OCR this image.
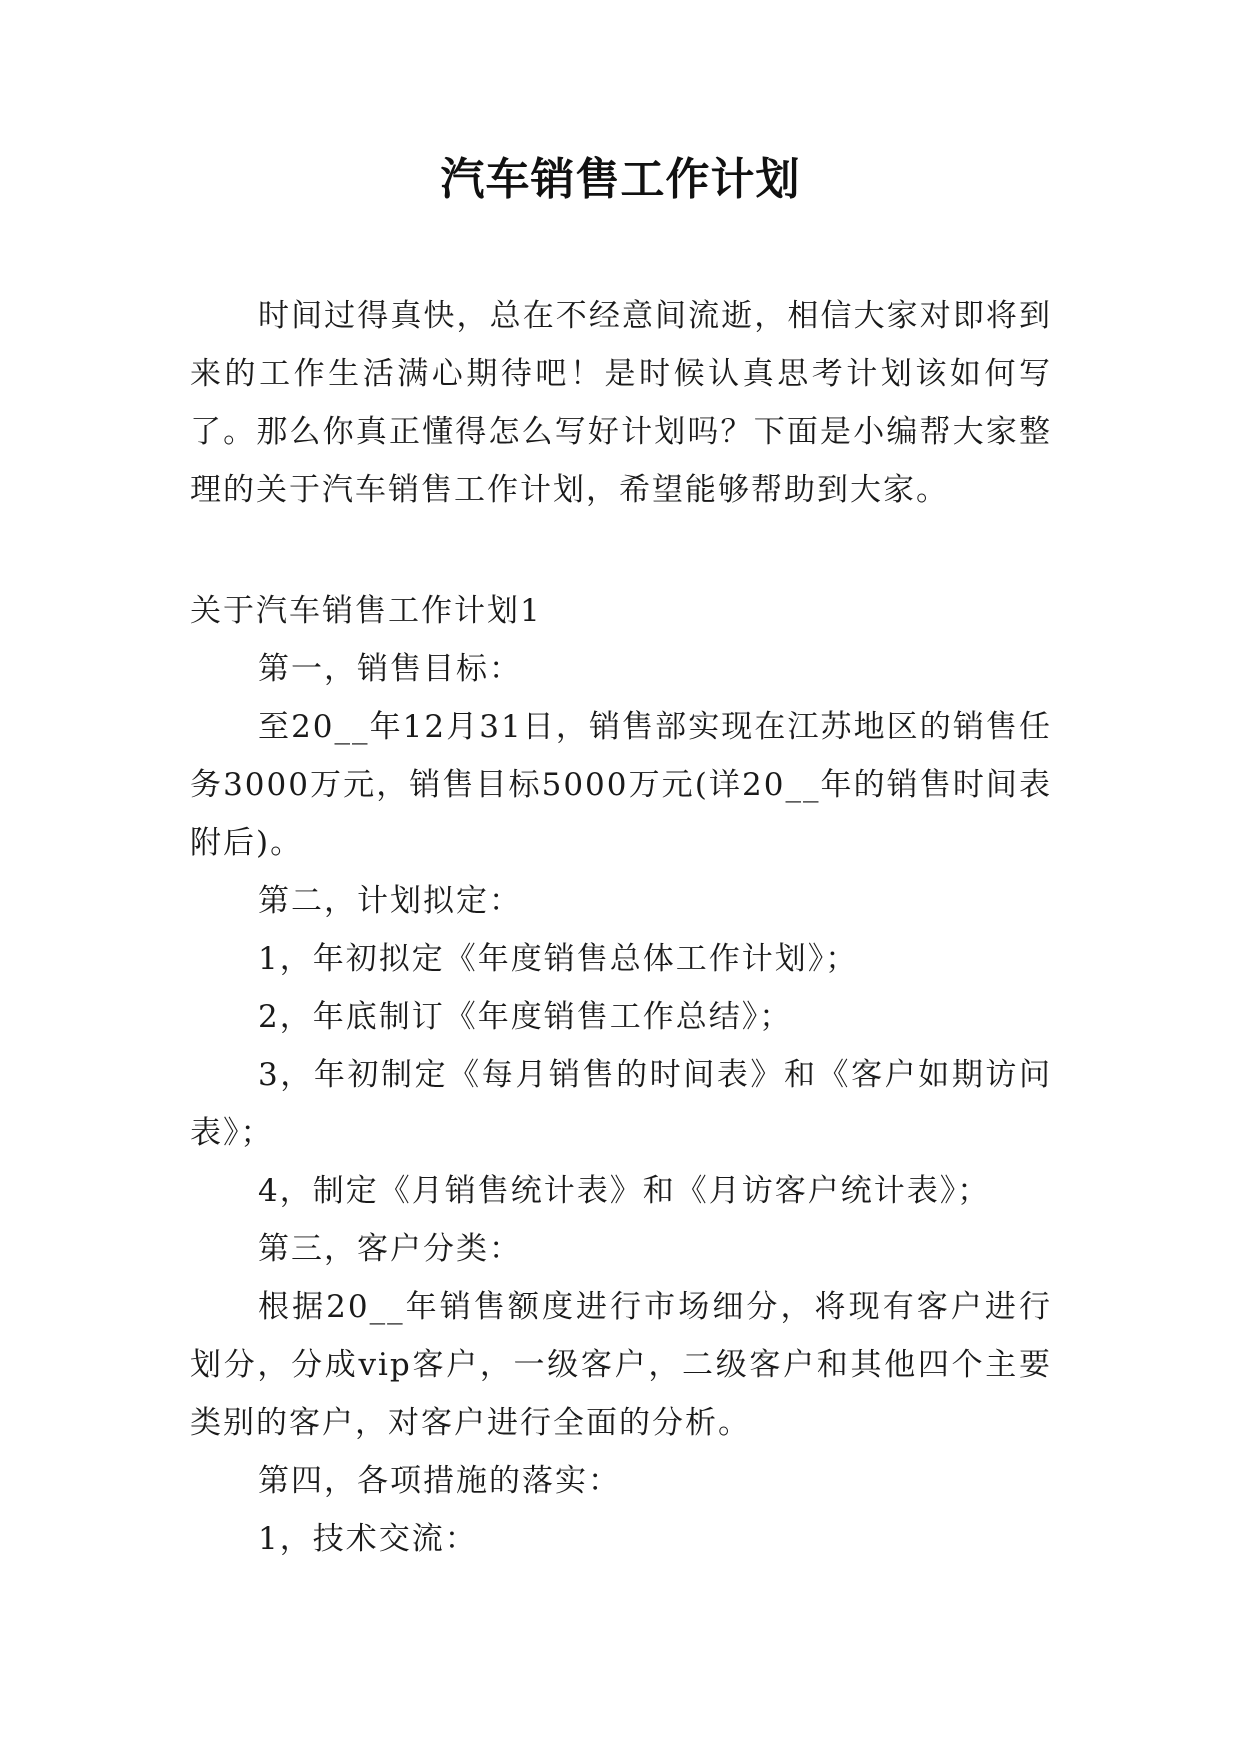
汽车销售工作计划

时间过得真快，总在不经意间流逝，相信大家对即将到来的工作生活满心期待吧！是时候认真思考计划该如何写了。那么你真正懂得怎么写好计划吗？下面是小编帮大家整理的关于汽车销售工作计划，希望能够帮助到大家。

关于汽车销售工作计划1

第一，销售目标：

至20__年12月31日，销售部实现在江苏地区的销售任务3000万元，销售目标5000万元(详20__年的销售时间表附后)。

第二，计划拟定：

1，年初拟定《年度销售总体工作计划》；

2，年底制订《年度销售工作总结》；

3，年初制定《每月销售的时间表》和《客户如期访问表》；

4，制定《月销售统计表》和《月访客户统计表》；

第三，客户分类：

根据20__年销售额度进行市场细分，将现有客户进行划分，分成vip客户，一级客户，二级客户和其他四个主要类别的客户，对客户进行全面的分析。

第四，各项措施的落实：

1，技术交流：
